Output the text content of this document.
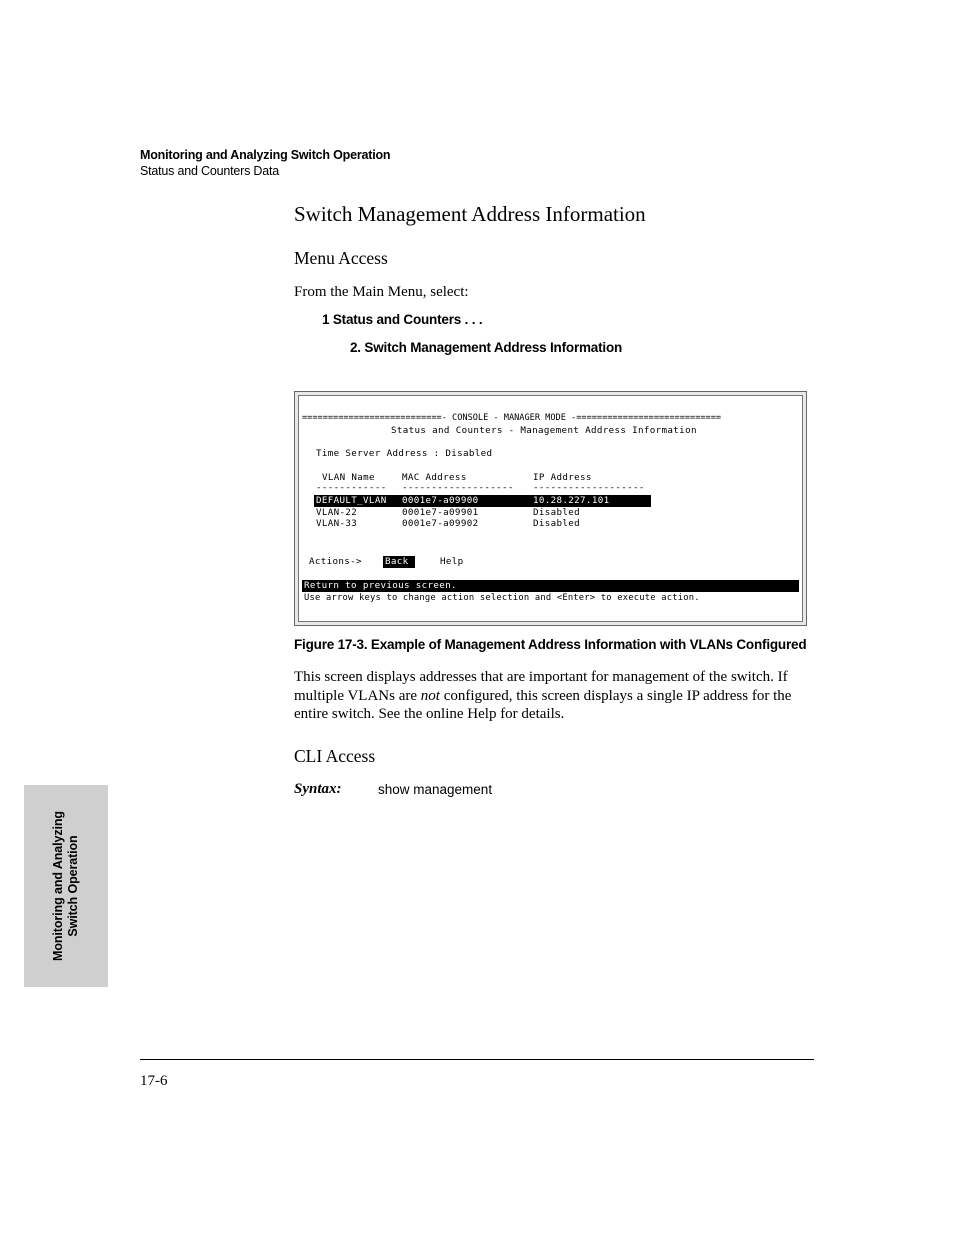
Monitoring and Analyzing Switch Operation
Status and Counters Data
Switch Management Address Information
Menu Access
From the Main Menu, select:
1 Status and Counters . . .
2. Switch Management Address Information
===========================- CONSOLE - MANAGER MODE -============================
Status and Counters - Management Address Information
Time Server Address : Disabled
VLAN Name	MAC Address	IP Address
------------ ------------------- -------------------
DEFAULT_VLAN 0001e7-a09900	10.28.227.101
VLAN-22	0001e7-a09901	Disabled
VLAN-33	0001e7-a09902	Disabled
Actions->	Back	Help
Return to previous screen.
Use arrow keys to change action selection and <Enter> to execute action.
Figure 17-3. Example of Management Address Information with VLANs Configured
This screen displays addresses that are important for management of the switch. If multiple VLANs are not configured, this screen displays a single IP address for the entire switch. See the online Help for details.
CLI Access
Syntax:	show management
Monitoring and Analyzing Switch Operation
17-6
